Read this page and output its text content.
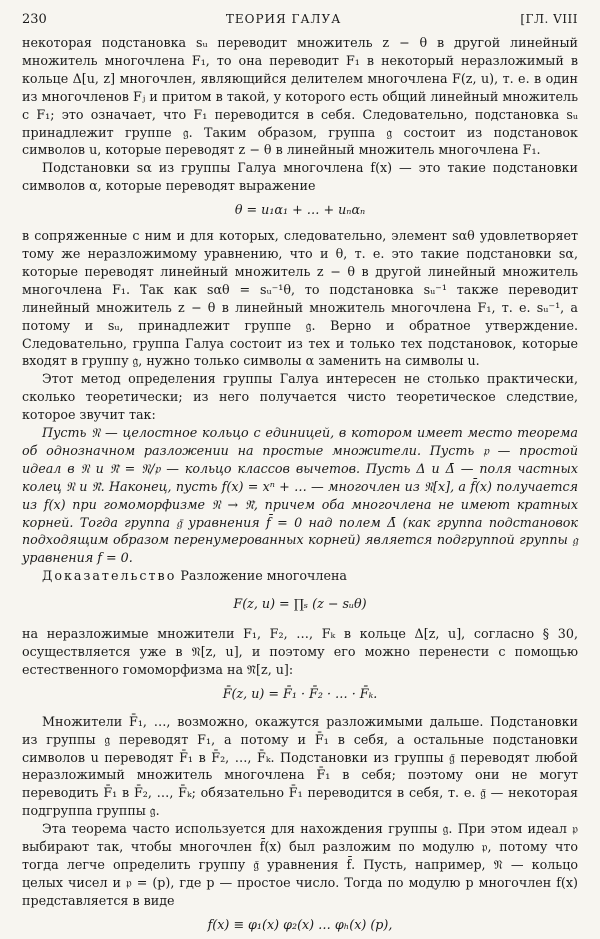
230	ТЕОРИЯ ГАЛУА	[ГЛ. VIII

некоторая подстановка sᵤ переводит множитель z − θ в другой линейный множитель многочлена F₁, то она переводит F₁ в некоторый неразложимый в кольце Δ[u, z] многочлен, являющийся делителем многочлена F(z, u), т. е. в один из многочленов Fⱼ и притом в такой, у которого есть общий линейный множитель с F₁; это означает, что F₁ переводится в себя. Следовательно, подстановка sᵤ принадлежит группе 𝔤. Таким образом, группа 𝔤 состоит из подстановок символов u, которые переводят z − θ в линейный множитель многочлена F₁.

Подстановки sα из группы Галуа многочлена f(x) — это такие подстановки символов α, которые переводят выражение

θ = u₁α₁ + … + uₙαₙ

в сопряженные с ним и для которых, следовательно, элемент sαθ удовлетворяет тому же неразложимому уравнению, что и θ, т. е. это такие подстановки sα, которые переводят линейный множитель z − θ в другой линейный множитель многочлена F₁. Так как sαθ = sᵤ⁻¹θ, то подстановка sᵤ⁻¹ также переводит линейный множитель z − θ в линейный множитель многочлена F₁, т. е. sᵤ⁻¹, а потому и sᵤ, принадлежит группе 𝔤. Верно и обратное утверждение. Следовательно, группа Галуа состоит из тех и только тех подстановок, которые входят в группу 𝔤, нужно только символы α заменить на символы u.

Этот метод определения группы Галуа интересен не столько практически, сколько теоретически; из него получается чисто теоретическое следствие, которое звучит так:

Пусть 𝔑 — целостное кольцо с единицей, в котором имеет место теорема об однозначном разложении на простые множители. Пусть 𝔭 — простой идеал в 𝔑 и 𝔑̄ = 𝔑/𝔭 — кольцо классов вычетов. Пусть Δ и Δ̄ — поля частных колец 𝔑 и 𝔑̄. Наконец, пусть f(x) = xⁿ + … — многочлен из 𝔑[x], а f̄(x) получается из f(x) при гомоморфизме 𝔑 → 𝔑̄, причем оба многочлена не имеют кратных корней. Тогда группа 𝔤̄ уравнения f̄ = 0 над полем Δ̄ (как группа подстановок подходящим образом перенумерованных корней) является подгруппой группы 𝔤 уравнения f = 0.

Доказательство Разложение многочлена

F(z, u) = ∏ₛ (z − sᵤθ)

на неразложимые множители F₁, F₂, …, Fₖ в кольце Δ[z, u], согласно § 30, осуществляется уже в 𝔑[z, u], и поэтому его можно перенести с помощью естественного гомоморфизма на 𝔑̄[z, u]:

F̄(z, u) = F̄₁ · F̄₂ · … · F̄ₖ.

Множители F̄₁, …, возможно, окажутся разложимыми дальше. Подстановки из группы 𝔤 переводят F₁, а потому и F̄₁ в себя, а остальные подстановки символов u переводят F̄₁ в F̄₂, …, F̄ₖ. Подстановки из группы 𝔤̄ переводят любой неразложимый множитель многочлена F̄₁ в себя; поэтому они не могут переводить F̄₁ в F̄₂, …, F̄ₖ; обязательно F̄₁ переводится в себя, т. е. 𝔤̄ — некоторая подгруппа группы 𝔤.

Эта теорема часто используется для нахождения группы 𝔤. При этом идеал 𝔭 выбирают так, чтобы многочлен f̄(x) был разложим по модулю 𝔭, потому что тогда легче определить группу 𝔤̄ уравнения f̄. Пусть, например, 𝔑 — кольцо целых чисел и 𝔭 = (p), где p — простое число. Тогда по модулю p многочлен f(x) представляется в виде

f(x) ≡ φ₁(x) φ₂(x) … φₕ(x) (p),
